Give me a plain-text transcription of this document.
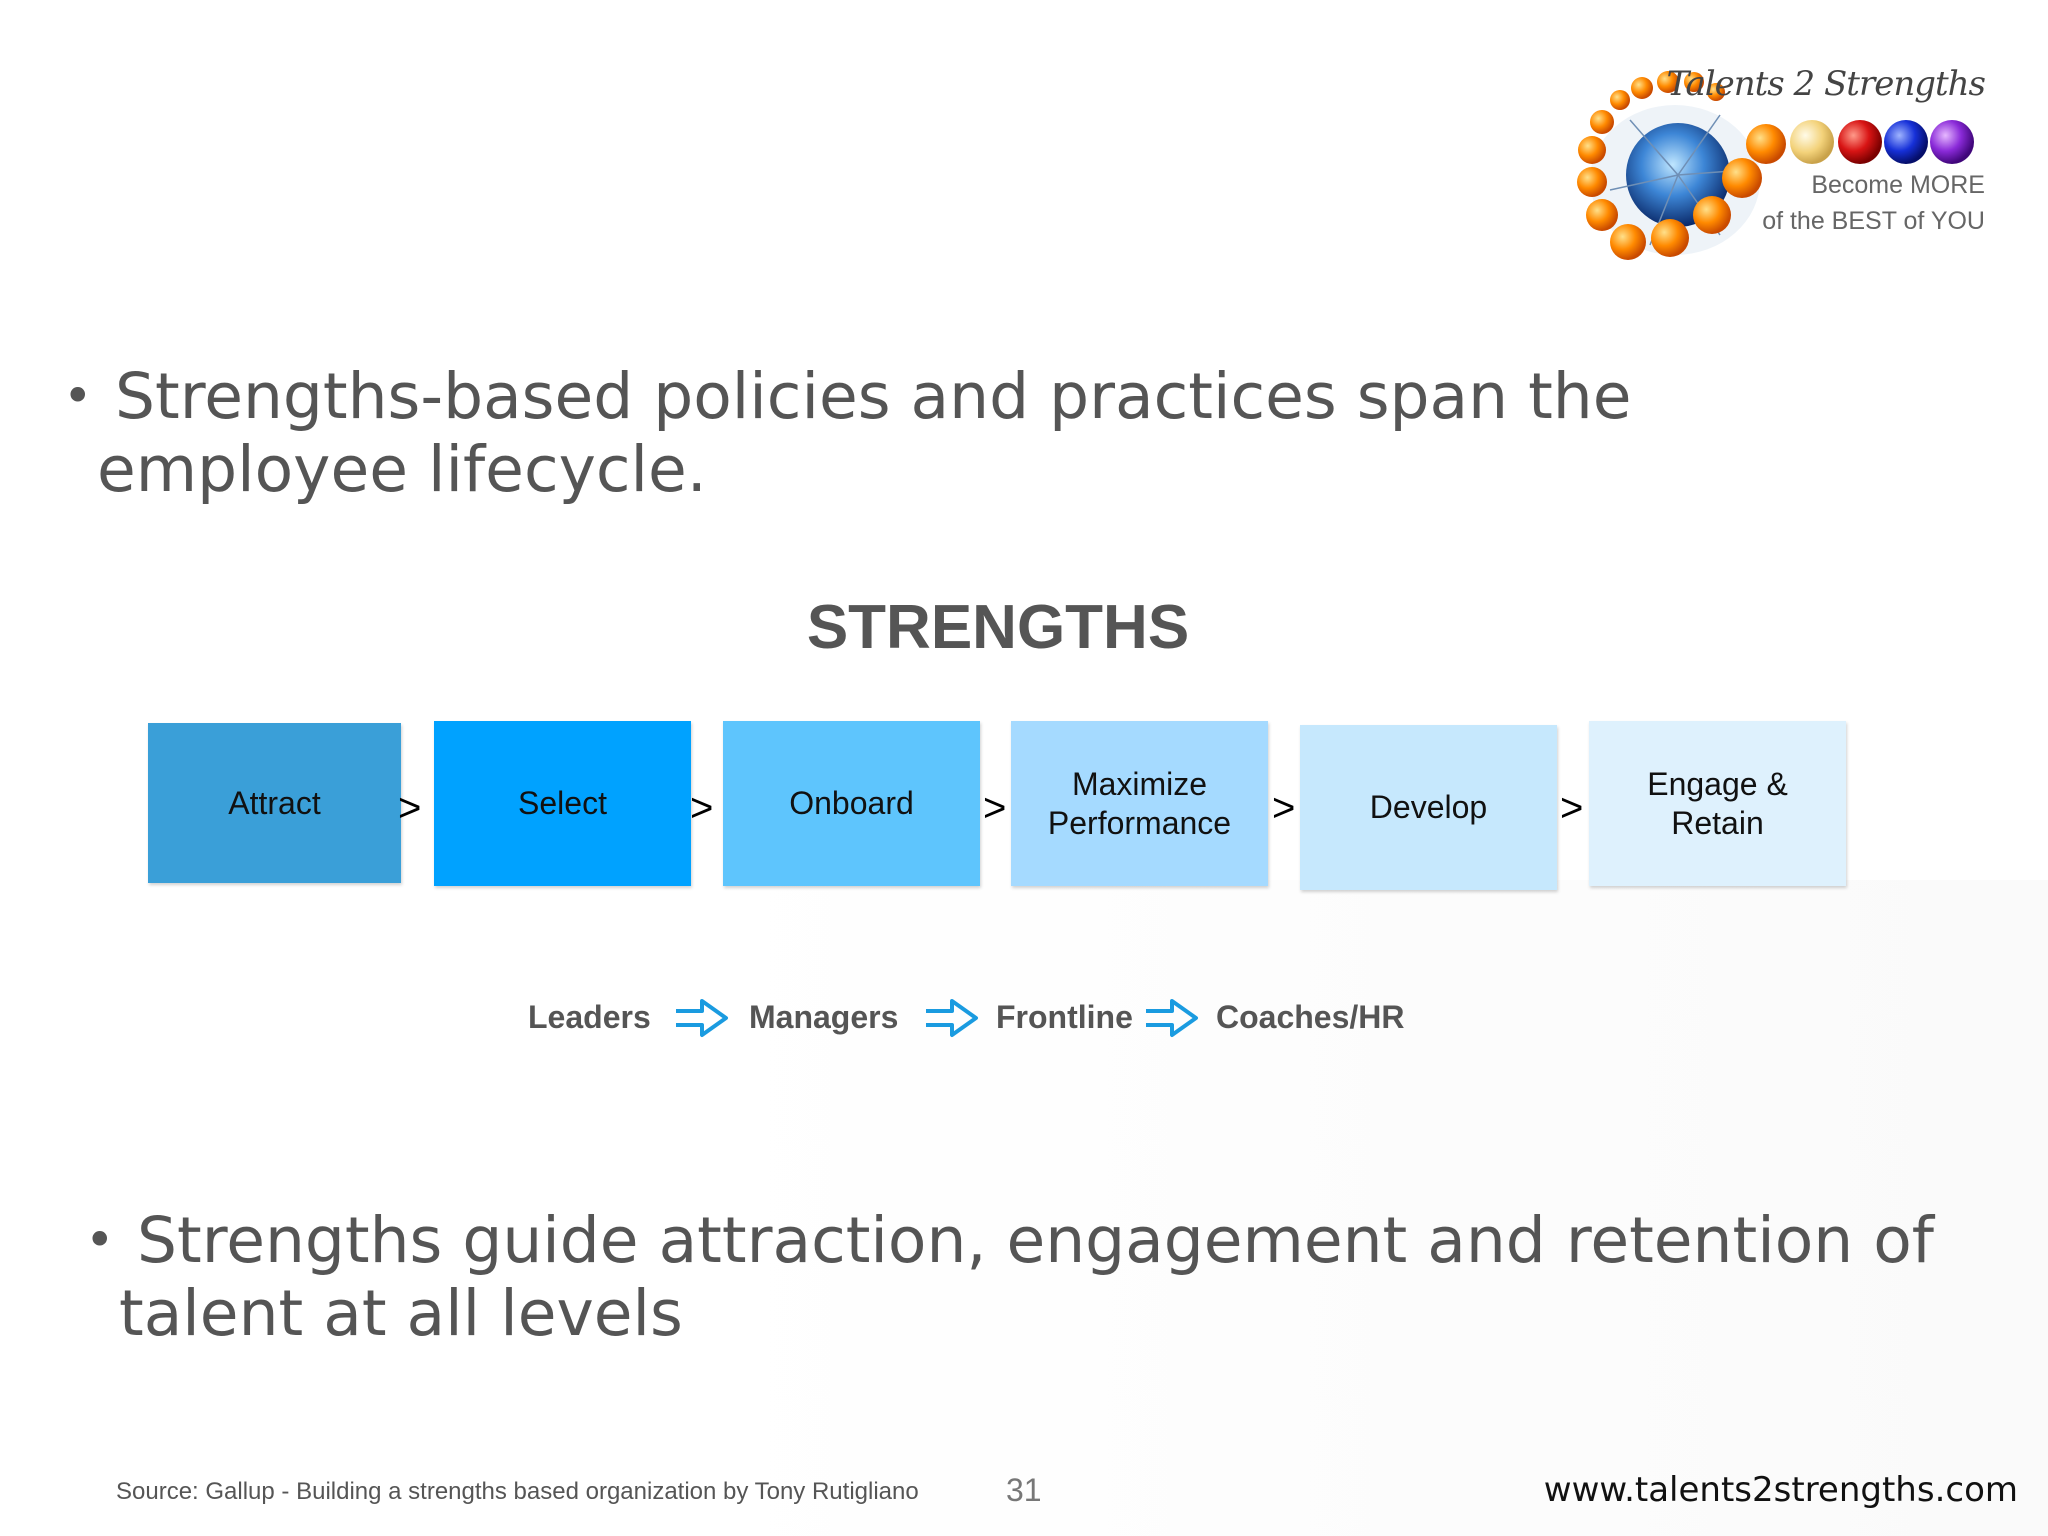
Talents 2 Strengths
Become MORE
of the BEST of YOU
• Strengths-based policies and practices span the
employee lifecycle.
STRENGTHS
Attract	Select	Onboard
Maximize
Performance	Develop
Engage &
Retain
>	>	>	>	>
Leaders	Managers	Frontline	Coaches/HR
• Strengths guide attraction, engagement and retention of
talent at all levels
Source: Gallup - Building a strengths based organization by Tony Rutigliano	31	www.talents2strengths.com
